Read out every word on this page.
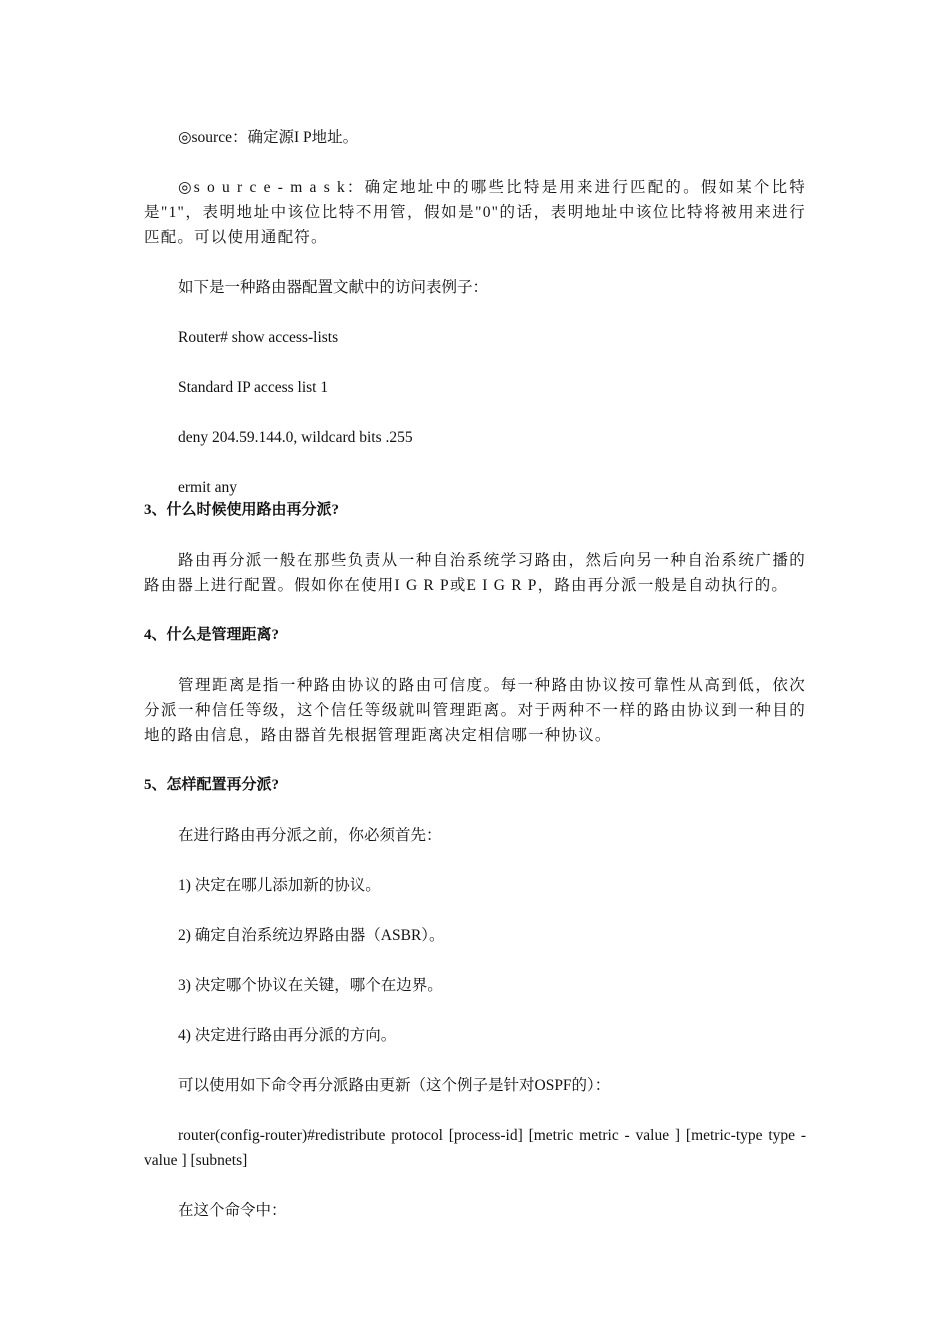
◎source：确定源I P地址。

◎s o u r c e - m a s k：确定地址中的哪些比特是用来进行匹配的。假如某个比特是"1"，表明地址中该位比特不用管，假如是"0"的话，表明地址中该位比特将被用来进行匹配。可以使用通配符。

如下是一种路由器配置文献中的访问表例子：

Router# show access-lists

Standard IP access list 1

deny 204.59.144.0, wildcard bits .255

ermit any

3、什么时候使用路由再分派?

路由再分派一般在那些负责从一种自治系统学习路由，然后向另一种自治系统广播的路由器上进行配置。假如你在使用I G R P或E I G R P，路由再分派一般是自动执行的。

4、什么是管理距离?

管理距离是指一种路由协议的路由可信度。每一种路由协议按可靠性从高到低，依次分派一种信任等级，这个信任等级就叫管理距离。对于两种不一样的路由协议到一种目的地的路由信息，路由器首先根据管理距离决定相信哪一种协议。

5、怎样配置再分派?

在进行路由再分派之前，你必须首先：

1) 决定在哪儿添加新的协议。

2) 确定自治系统边界路由器（ASBR）。

3) 决定哪个协议在关键，哪个在边界。

4) 决定进行路由再分派的方向。

可以使用如下命令再分派路由更新（这个例子是针对OSPF的）：

router(config-router)#redistribute protocol [process-id] [metric metric - value ] [metric-type type - value ] [subnets]

在这个命令中：
